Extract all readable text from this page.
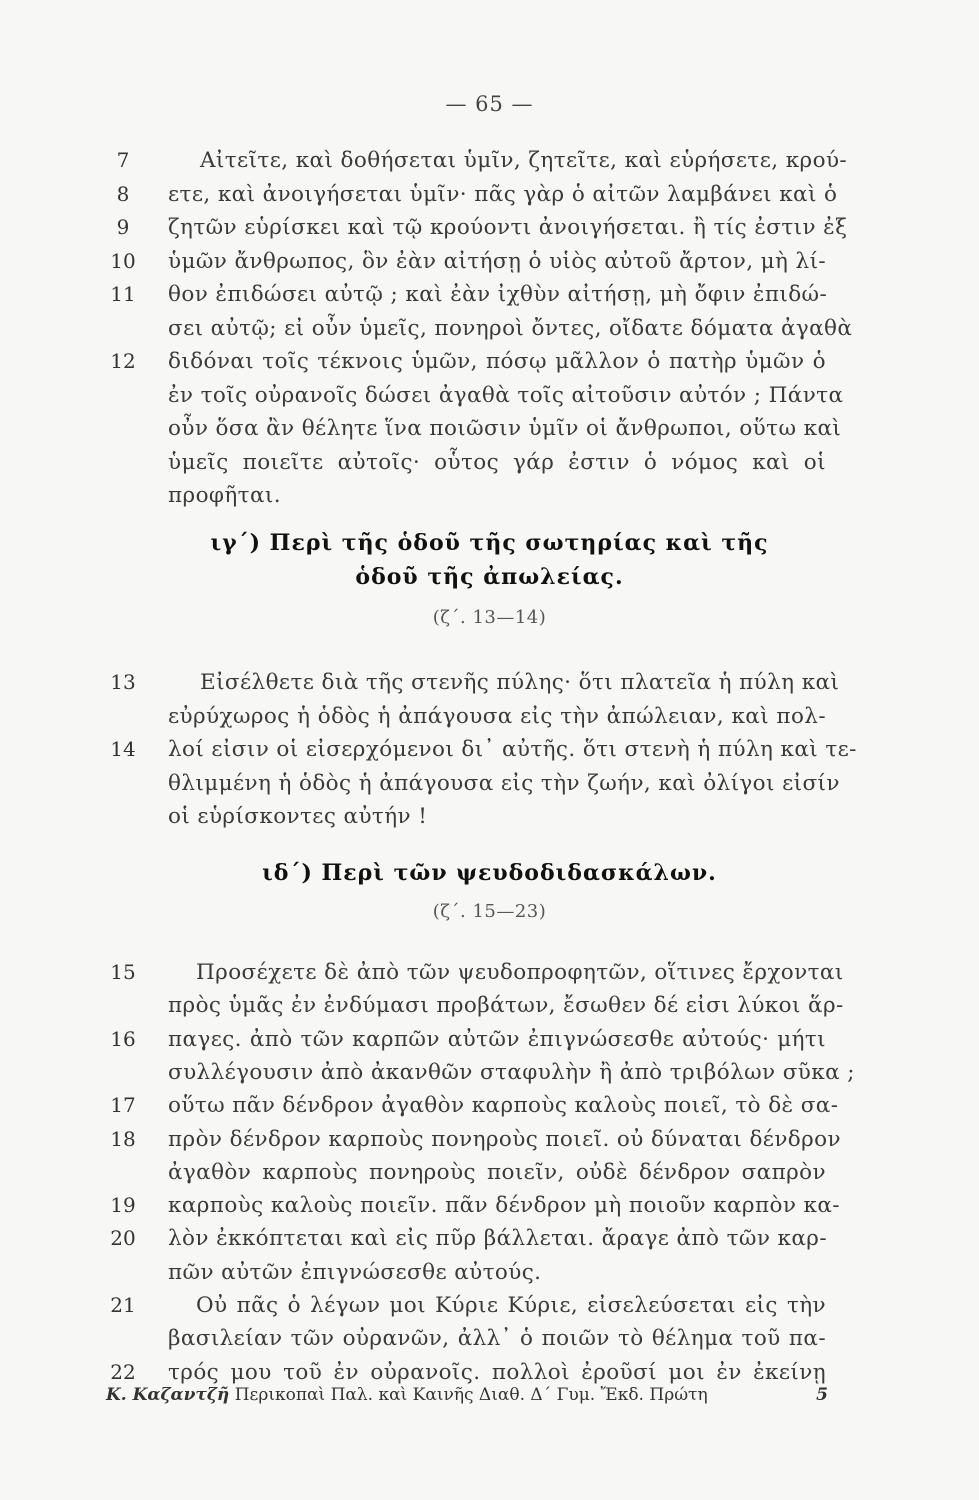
— 65 —
Αἰτεῖτε, καὶ δοθήσεται ὑμῖν, ζητεῖτε, καὶ εὑρήσετε, κρού-
7
ετε, καὶ ἀνοιγήσεται ὑμῖν· πᾶς γὰρ ὁ αἰτῶν λαμβάνει καὶ ὁ
8
ζητῶν εὑρίσκει καὶ τῷ κρούοντι ἀνοιγήσεται. ἢ τίς ἐστιν ἐξ
9
ὑμῶν ἄνθρωπος, ὃν ἐὰν αἰτήσῃ ὁ υἱὸς αὐτοῦ ἄρτον, μὴ λί-
10
θον ἐπιδώσει αὐτῷ ; καὶ ἐὰν ἰχθὺν αἰτήσῃ, μὴ ὄφιν ἐπιδώ-
11
σει αὐτῷ; εἰ οὖν ὑμεῖς, πονηροὶ ὄντες, οἴδατε δόματα ἀγαθὰ
διδόναι τοῖς τέκνοις ὑμῶν, πόσῳ μᾶλλον ὁ πατὴρ ὑμῶν ὁ
12
ἐν τοῖς οὐρανοῖς δώσει ἀγαθὰ τοῖς αἰτοῦσιν αὐτόν ; Πάντα
οὖν ὅσα ἂν θέλητε ἵνα ποιῶσιν ὑμῖν οἱ ἄνθρωποι, οὕτω καὶ
ὑμεῖς ποιεῖτε αὐτοῖς· οὗτος γάρ ἐστιν ὁ νόμος καὶ οἱ
προφῆται.
ιγ΄) Περὶ τῆς ὁδοῦ τῆς σωτηρίας καὶ τῆς
ὁδοῦ τῆς ἀπωλείας.
(ζ΄. 13—14)
Εἰσέλθετε διὰ τῆς στενῆς πύλης· ὅτι πλατεῖα ἡ πύλη καὶ
13
εὐρύχωρος ἡ ὁδὸς ἡ ἀπάγουσα εἰς τὴν ἀπώλειαν, καὶ πολ-
λοί εἰσιν οἱ εἰσερχόμενοι δι᾿ αὐτῆς. ὅτι στενὴ ἡ πύλη καὶ τε-
14
θλιμμένη ἡ ὁδὸς ἡ ἀπάγουσα εἰς τὴν ζωήν, καὶ ὀλίγοι εἰσίν
οἱ εὑρίσκοντες αὐτήν !
ιδ΄) Περὶ τῶν ψευδοδιδασκάλων.
(ζ΄. 15—23)
Προσέχετε δὲ ἀπὸ τῶν ψευδοπροφητῶν, οἵτινες ἔρχονται
15
πρὸς ὑμᾶς ἐν ἐνδύμασι προβάτων, ἔσωθεν δέ εἰσι λύκοι ἅρ-
παγες. ἀπὸ τῶν καρπῶν αὐτῶν ἐπιγνώσεσθε αὐτούς· μήτι
16
συλλέγουσιν ἀπὸ ἀκανθῶν σταφυλὴν ἢ ἀπὸ τριβόλων σῦκα ;
οὕτω πᾶν δένδρον ἀγαθὸν καρποὺς καλοὺς ποιεῖ, τὸ δὲ σα-
17
πρὸν δένδρον καρποὺς πονηροὺς ποιεῖ. οὐ δύναται δένδρον
18
ἀγαθὸν καρποὺς πονηροὺς ποιεῖν, οὐδὲ δένδρον σαπρὸν
καρποὺς καλοὺς ποιεῖν. πᾶν δένδρον μὴ ποιοῦν καρπὸν κα-
19
λὸν ἐκκόπτεται καὶ εἰς πῦρ βάλλεται. ἄραγε ἀπὸ τῶν καρ-
20
πῶν αὐτῶν ἐπιγνώσεσθε αὐτούς.
Οὐ πᾶς ὁ λέγων μοι Κύριε Κύριε, εἰσελεύσεται εἰς τὴν
21
βασιλείαν τῶν οὐρανῶν, ἀλλ᾿ ὁ ποιῶν τὸ θέλημα τοῦ πα-
τρός μου τοῦ ἐν οὐρανοῖς. πολλοὶ ἐροῦσί μοι ἐν ἐκείνῃ
22
Κ. Καζαντζῆ Περικοπαὶ Παλ. καὶ Καινῆς Διαθ. Δ΄ Γυμ. Ἔκδ. Πρώτη	5
